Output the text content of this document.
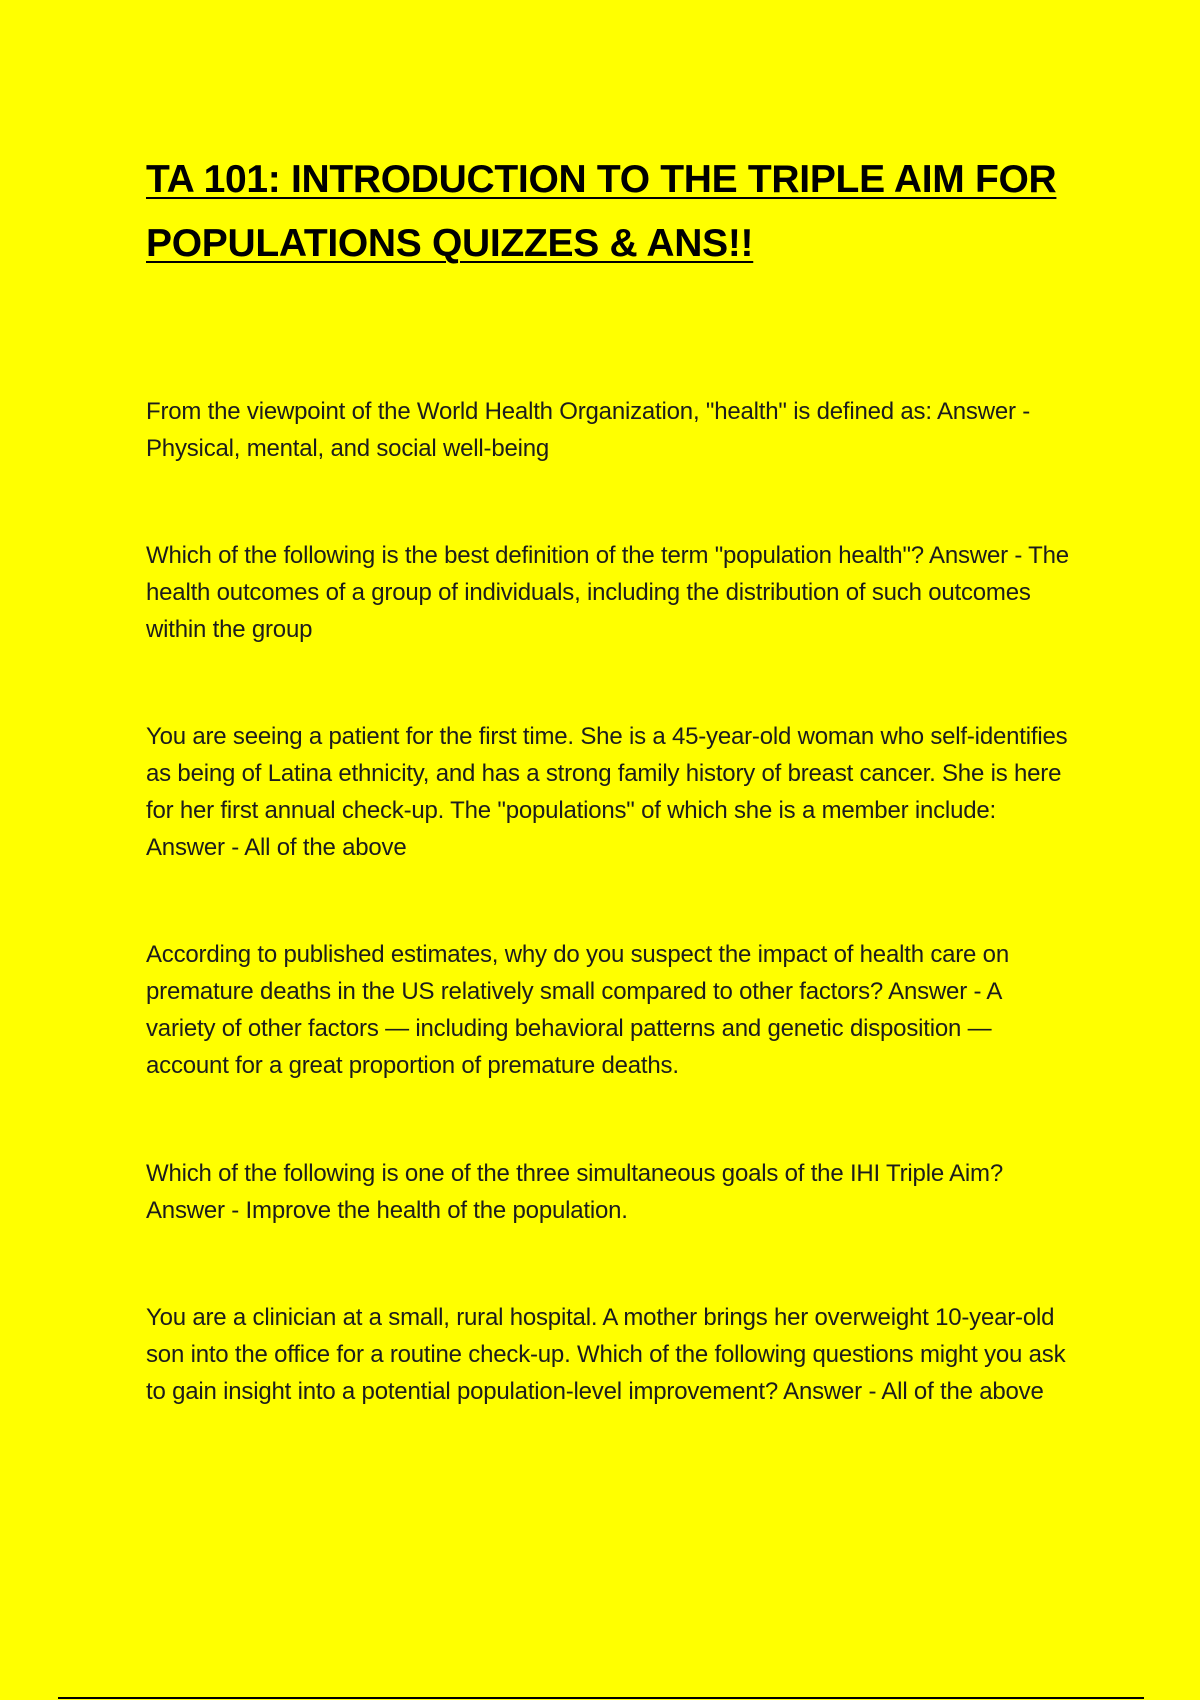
TA 101: INTRODUCTION TO THE TRIPLE AIM FOR POPULATIONS QUIZZES & ANS!!
From the viewpoint of the World Health Organization, "health" is defined as: Answer - Physical, mental, and social well-being
Which of the following is the best definition of the term "population health"? Answer - The health outcomes of a group of individuals, including the distribution of such outcomes within the group
You are seeing a patient for the first time. She is a 45-year-old woman who self-identifies as being of Latina ethnicity, and has a strong family history of breast cancer. She is here for her first annual check-up. The "populations" of which she is a member include: Answer - All of the above
According to published estimates, why do you suspect the impact of health care on premature deaths in the US relatively small compared to other factors? Answer - A variety of other factors — including behavioral patterns and genetic disposition — account for a great proportion of premature deaths.
Which of the following is one of the three simultaneous goals of the IHI Triple Aim? Answer - Improve the health of the population.
You are a clinician at a small, rural hospital. A mother brings her overweight 10-year-old son into the office for a routine check-up. Which of the following questions might you ask to gain insight into a potential population-level improvement? Answer - All of the above
